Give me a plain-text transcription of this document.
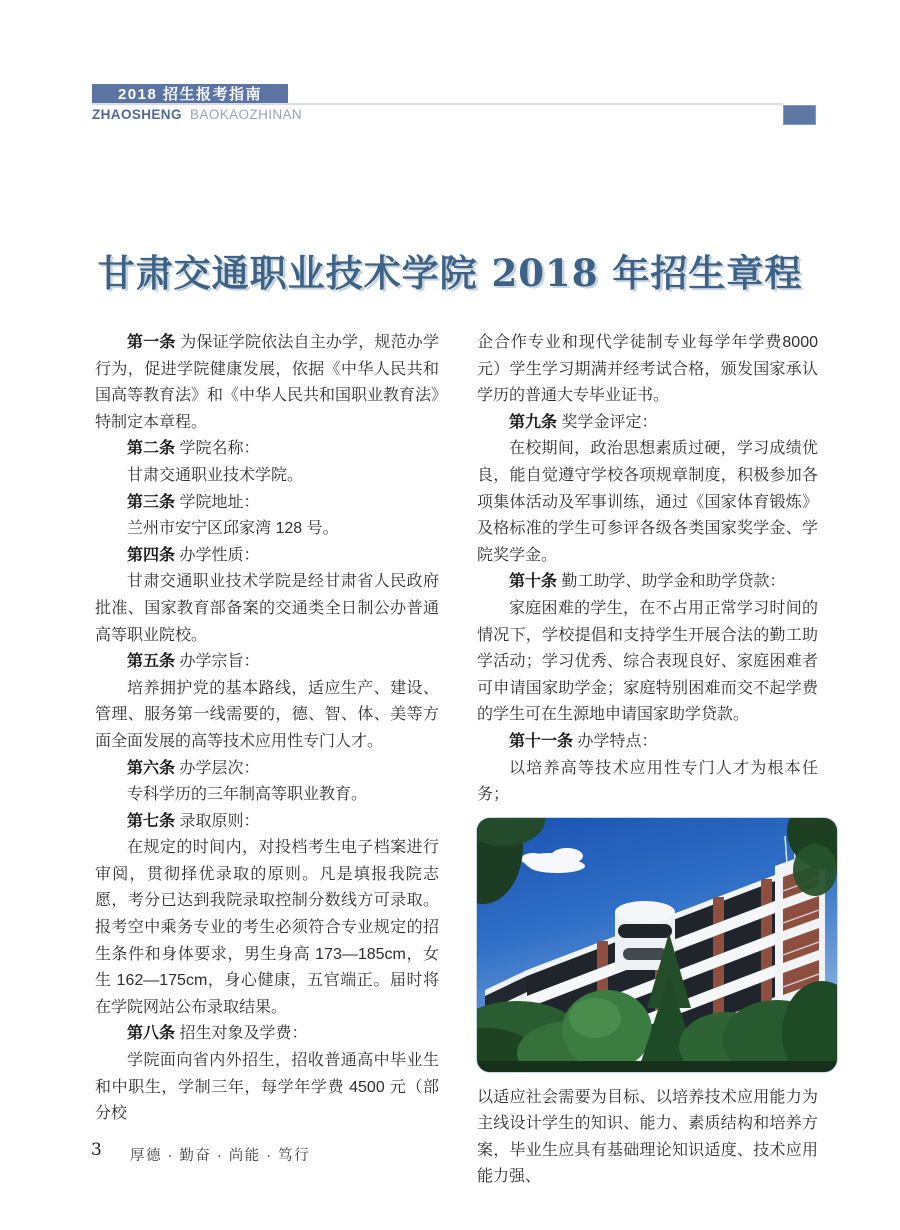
2018 招生报考指南
ZHAOSHENG BAOKAOZHINAN
甘肃交通职业技术学院 2018 年招生章程

第一条 为保证学院依法自主办学，规范办学行为，促进学院健康发展，依据《中华人民共和国高等教育法》和《中华人民共和国职业教育法》特制定本章程。

第二条 学院名称：

甘肃交通职业技术学院。

第三条 学院地址：

兰州市安宁区邱家湾 128 号。

第四条 办学性质：

甘肃交通职业技术学院是经甘肃省人民政府批准、国家教育部备案的交通类全日制公办普通高等职业院校。

第五条 办学宗旨：

培养拥护党的基本路线，适应生产、建设、管理、服务第一线需要的，德、智、体、美等方面全面发展的高等技术应用性专门人才。

第六条 办学层次：

专科学历的三年制高等职业教育。

第七条 录取原则：

在规定的时间内，对投档考生电子档案进行审阅，贯彻择优录取的原则。凡是填报我院志愿，考分已达到我院录取控制分数线方可录取。报考空中乘务专业的考生必须符合专业规定的招生条件和身体要求，男生身高 173—185cm，女生 162—175cm，身心健康，五官端正。届时将在学院网站公布录取结果。

第八条 招生对象及学费：

学院面向省内外招生，招收普通高中毕业生和中职生，学制三年，每学年学费 4500 元（部分校

企合作专业和现代学徒制专业每学年学费8000元）学生学习期满并经考试合格，颁发国家承认学历的普通大专毕业证书。

第九条 奖学金评定：

在校期间，政治思想素质过硬，学习成绩优良，能自觉遵守学校各项规章制度，积极参加各项集体活动及军事训练，通过《国家体育锻炼》及格标准的学生可参评各级各类国家奖学金、学院奖学金。

第十条 勤工助学、助学金和助学贷款：

家庭困难的学生，在不占用正常学习时间的情况下，学校提倡和支持学生开展合法的勤工助学活动；学习优秀、综合表现良好、家庭困难者可申请国家助学金；家庭特别困难而交不起学费的学生可在生源地申请国家助学贷款。

第十一条 办学特点：

以培养高等技术应用性专门人才为根本任务；

以适应社会需要为目标、以培养技术应用能力为主线设计学生的知识、能力、素质结构和培养方案，毕业生应具有基础理论知识适度、技术应用能力强、

3 厚德 · 勤奋 · 尚能 · 笃行
